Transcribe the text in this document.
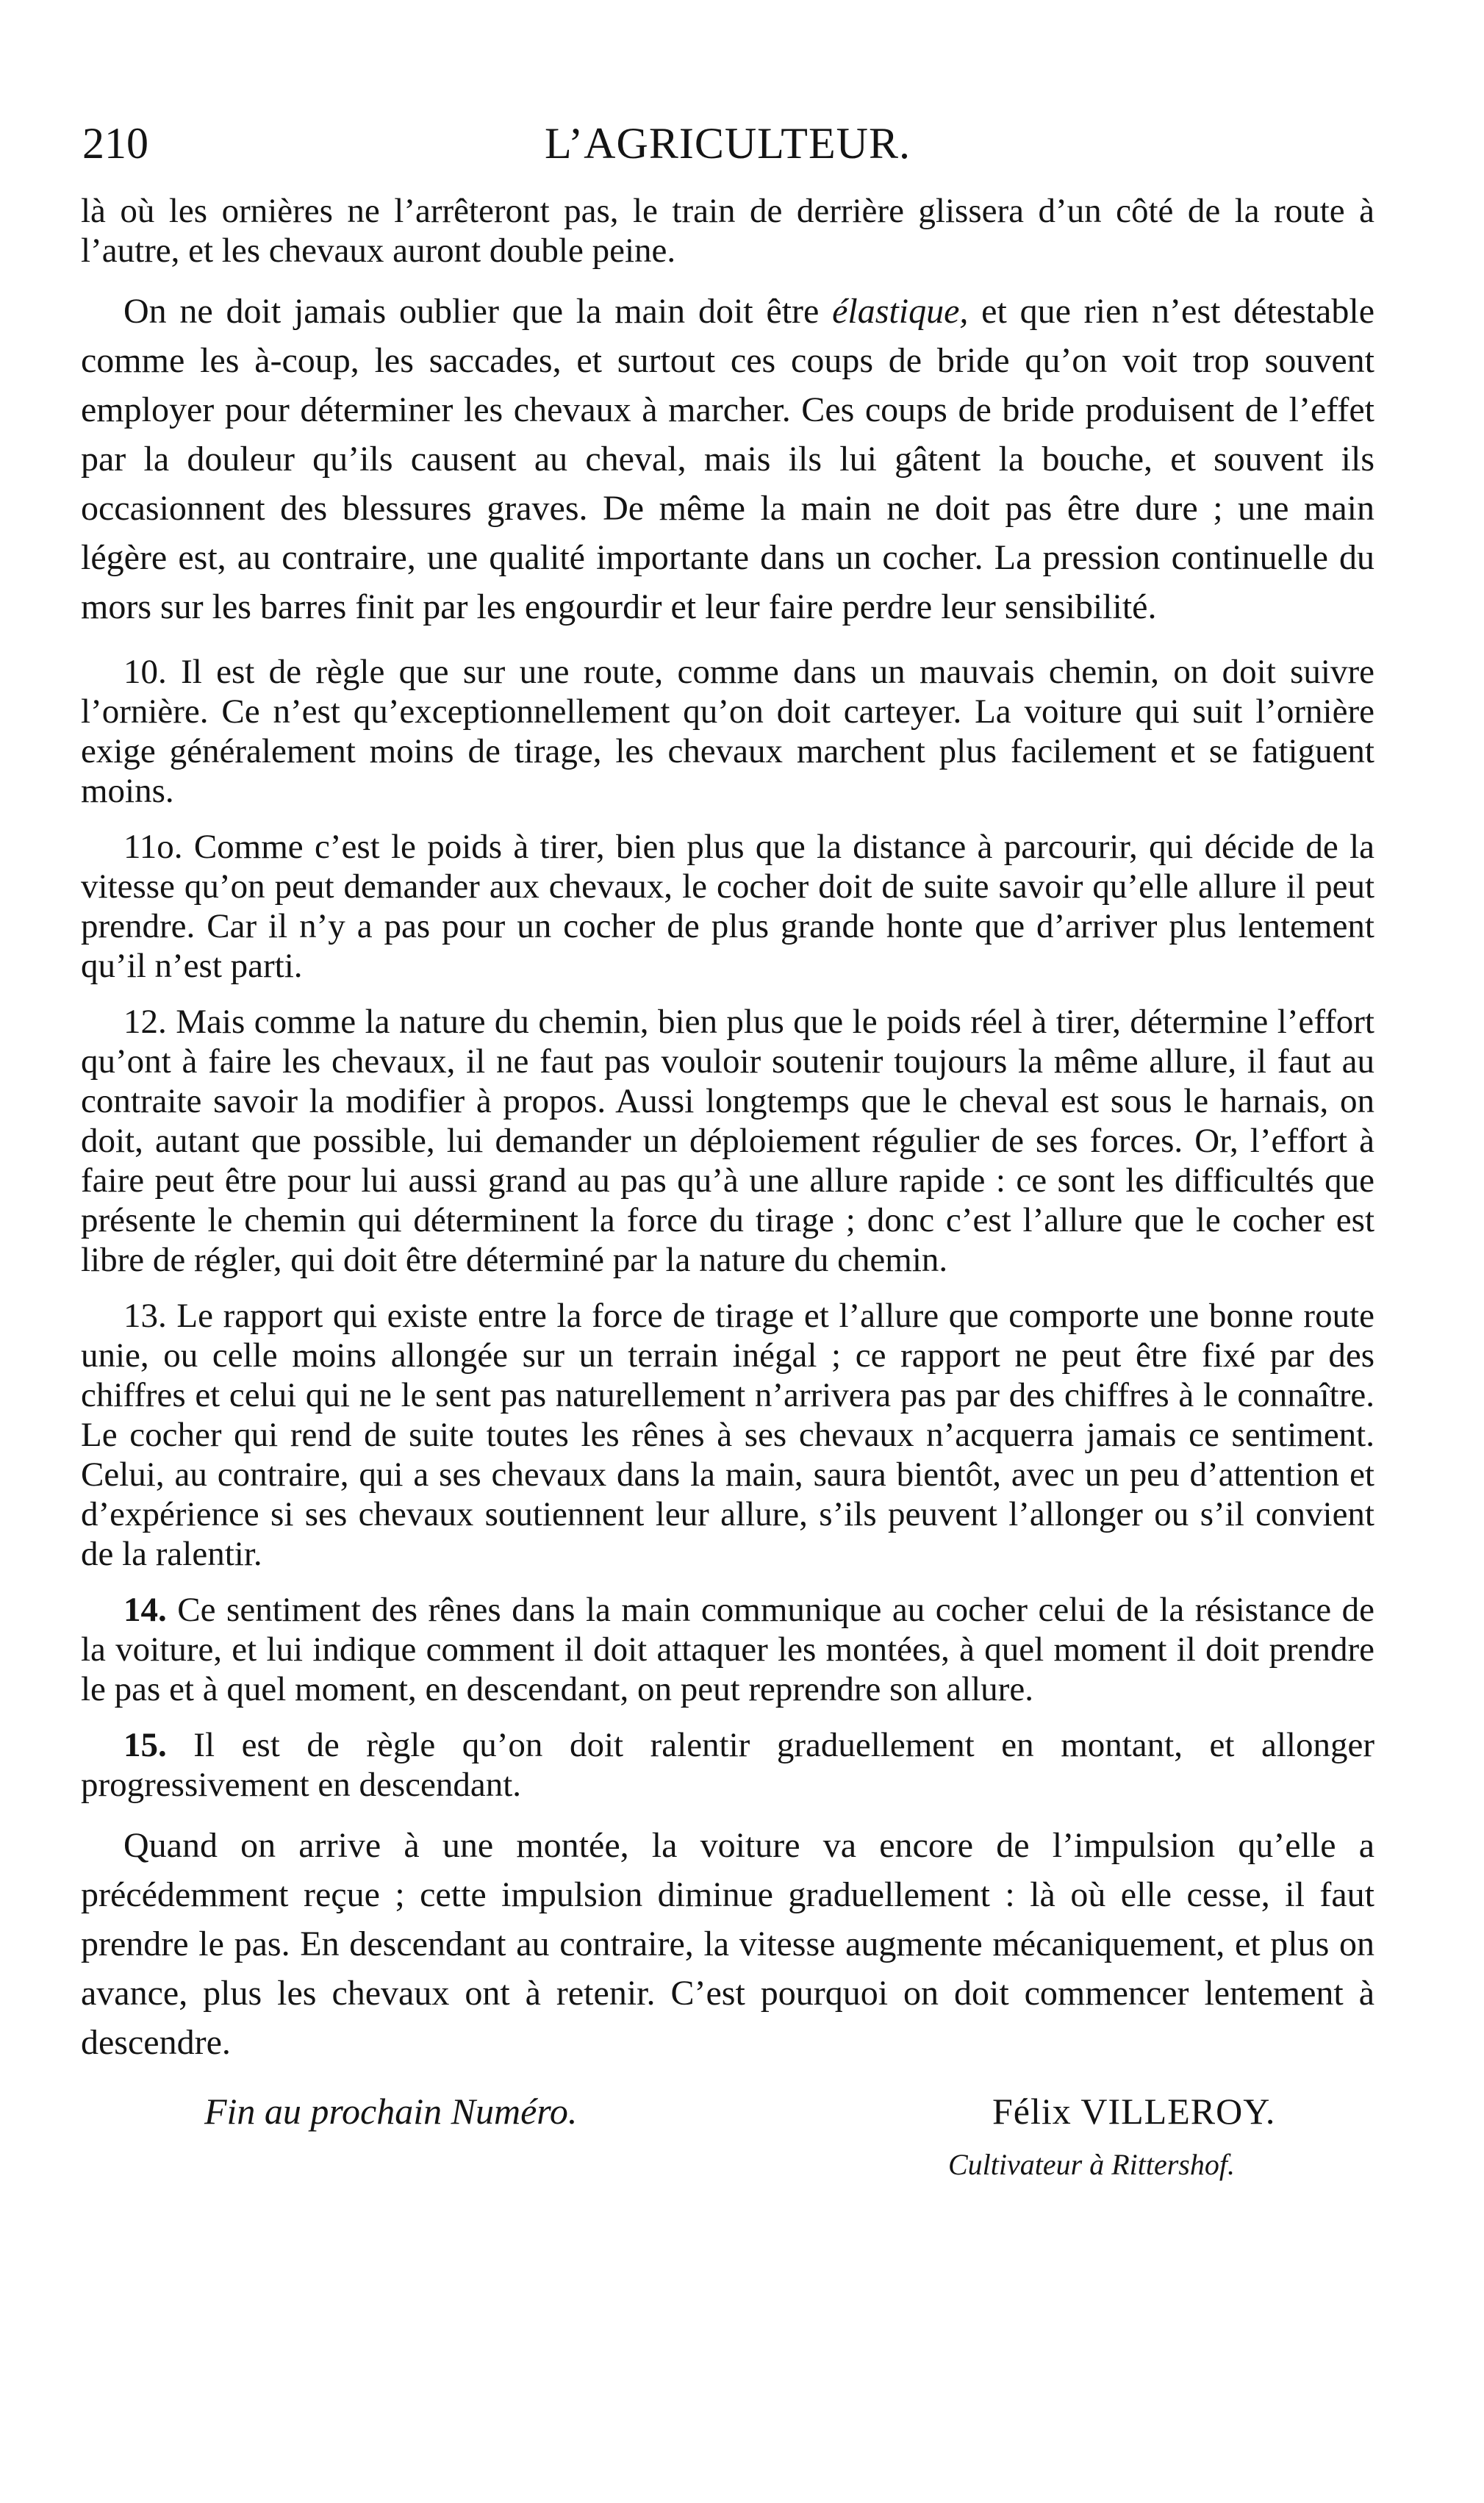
210	L’AGRICULTEUR.

là où les ornières ne l’arrêteront pas, le train de derrière glissera d’un côté de la route à l’autre, et les chevaux auront double peine.

On ne doit jamais oublier que la main doit être élastique, et que rien n’est détestable comme les à-coup, les saccades, et surtout ces coups de bride qu’on voit trop souvent employer pour déterminer les chevaux à marcher. Ces coups de bride produisent de l’effet par la douleur qu’ils causent au cheval, mais ils lui gâtent la bouche, et souvent ils occasionnent des blessures graves. De même la main ne doit pas être dure ; une main légère est, au contraire, une qualité importante dans un cocher. La pression continuelle du mors sur les barres finit par les engourdir et leur faire perdre leur sensibilité.

10. Il est de règle que sur une route, comme dans un mauvais chemin, on doit suivre l’ornière. Ce n’est qu’exceptionnellement qu’on doit carteyer. La voiture qui suit l’ornière exige généralement moins de tirage, les chevaux marchent plus facilement et se fatiguent moins.

11o. Comme c’est le poids à tirer, bien plus que la distance à parcourir, qui décide de la vitesse qu’on peut demander aux chevaux, le cocher doit de suite savoir qu’elle allure il peut prendre. Car il n’y a pas pour un cocher de plus grande honte que d’arriver plus lentement qu’il n’est parti.

12. Mais comme la nature du chemin, bien plus que le poids réel à tirer, détermine l’effort qu’ont à faire les chevaux, il ne faut pas vouloir soutenir toujours la même allure, il faut au contraite savoir la modifier à propos. Aussi longtemps que le cheval est sous le harnais, on doit, autant que possible, lui demander un déploiement régulier de ses forces. Or, l’effort à faire peut être pour lui aussi grand au pas qu’à une allure rapide : ce sont les difficultés que présente le chemin qui déterminent la force du tirage ; donc c’est l’allure que le cocher est libre de régler, qui doit être déterminé par la nature du chemin.

13. Le rapport qui existe entre la force de tirage et l’allure que comporte une bonne route unie, ou celle moins allongée sur un terrain inégal ; ce rapport ne peut être fixé par des chiffres et celui qui ne le sent pas naturellement n’arrivera pas par des chiffres à le connaître. Le cocher qui rend de suite toutes les rênes à ses chevaux n’acquerra jamais ce sentiment. Celui, au contraire, qui a ses chevaux dans la main, saura bientôt, avec un peu d’attention et d’expérience si ses chevaux soutiennent leur allure, s’ils peuvent l’allonger ou s’il convient de la ralentir.

14. Ce sentiment des rênes dans la main communique au cocher celui de la résistance de la voiture, et lui indique comment il doit attaquer les montées, à quel moment il doit prendre le pas et à quel moment, en descendant, on peut reprendre son allure.

15. Il est de règle qu’on doit ralentir graduellement en montant, et allonger progressivement en descendant.

Quand on arrive à une montée, la voiture va encore de l’impulsion qu’elle a précédemment reçue ; cette impulsion diminue graduellement : là où elle cesse, il faut prendre le pas. En descendant au contraire, la vitesse augmente mécaniquement, et plus on avance, plus les chevaux ont à retenir. C’est pourquoi on doit commencer lentement à descendre.

Fin au prochain Numéro.	Félix VILLEROY.
Cultivateur à Rittershof.
